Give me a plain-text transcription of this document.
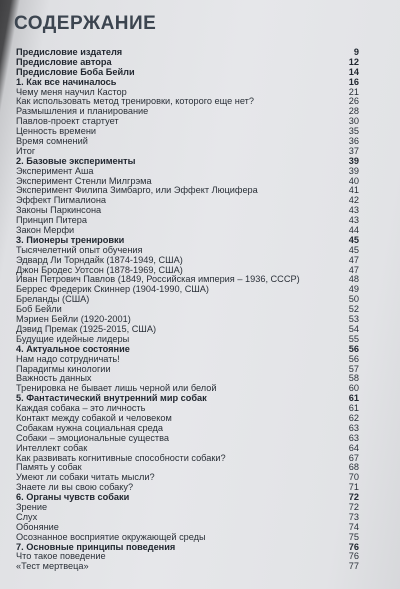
СОДЕРЖАНИЕ
Предисловие издателя	9
Предисловие автора	12
Предисловие Боба Бейли	14
1. Как все начиналось	16
Чему меня научил Кастор	21
Как использовать метод тренировки, которого еще нет?	26
Размышления и планирование	28
Павлов-проект стартует	30
Ценность времени	35
Время сомнений	36
Итог	37
2. Базовые эксперименты	39
Эксперимент Аша	39
Эксперимент Стенли Милгрэма	40
Эксперимент Филипа Зимбарго, или Эффект Люцифера	41
Эффект Пигмалиона	42
Законы Паркинсона	43
Принцип Питера	43
Закон Мерфи	44
3. Пионеры тренировки	45
Тысячелетний опыт обучения	45
Эдвард Ли Торндайк (1874-1949, США)	47
Джон Бродес Уотсон (1878-1969, США)	47
Иван Петрович Павлов (1849, Российская империя – 1936, СССР)	48
Беррес Фредерик Скиннер (1904-1990, США)	49
Бреланды (США)	50
Боб Бейли	52
Мэриен Бейли (1920-2001)	53
Дэвид Премак (1925-2015, США)	54
Будущие идейные лидеры	55
4. Актуальное состояние	56
Нам надо сотрудничать!	56
Парадигмы кинологии	57
Важность данных	58
Тренировка не бывает лишь черной или белой	60
5. Фантастический внутренний мир собак	61
Каждая собака – это личность	61
Контакт между собакой и человеком	62
Собакам нужна социальная среда	63
Собаки – эмоциональные существа	63
Интеллект собак	64
Как развивать когнитивные способности собаки?	67
Память у собак	68
Умеют ли собаки читать мысли?	70
Знаете ли вы свою собаку?	71
6. Органы чувств собаки	72
Зрение	72
Слух	73
Обоняние	74
Осознанное восприятие окружающей среды	75
7. Основные принципы поведения	76
Что такое поведение	76
«Тест мертвеца»	77
